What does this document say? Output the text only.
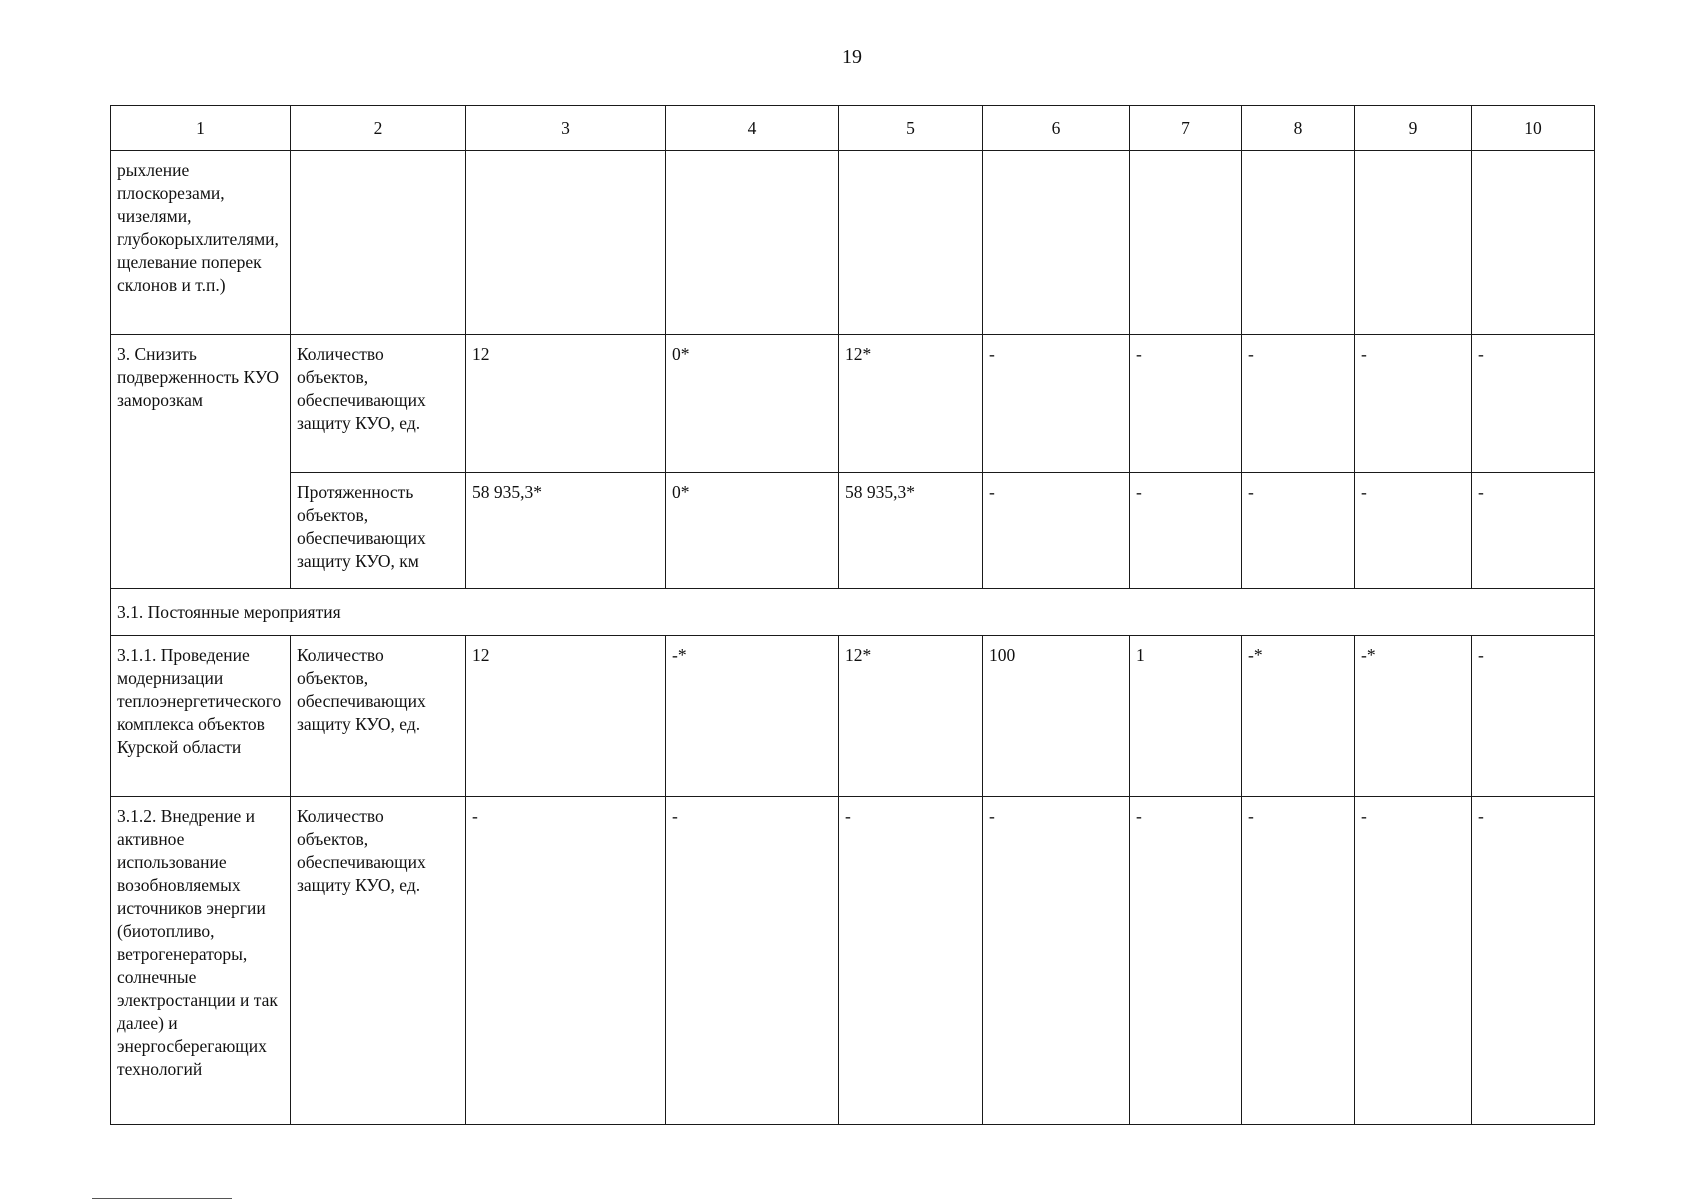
19
1	2	3	4	5	6	7	8	9	10
рыхление плоскорезами, чизелями, глубокорыхлителями, щелевание поперек склонов и т.п.)									
3. Снизить подверженность КУО заморозкам	Количество объектов, обеспечивающих защиту КУО, ед.	12	0*	12*	-	-	-	-	-
	Протяженность объектов, обеспечивающих защиту КУО, км	58 935,3*	0*	58 935,3*	-	-	-	-	-
3.1. Постоянные мероприятия									
3.1.1. Проведение модернизации теплоэнергетического комплекса объектов Курской области	Количество объектов, обеспечивающих защиту КУО, ед.	12	-*	12*	100	1	-*	-*	-
3.1.2. Внедрение и активное использование возобновляемых источников энергии (биотопливо, ветрогенераторы, солнечные электростанции и так далее) и энергосберегающих технологий	Количество объектов, обеспечивающих защиту КУО, ед.	-	-	-	-	-	-	-	-
